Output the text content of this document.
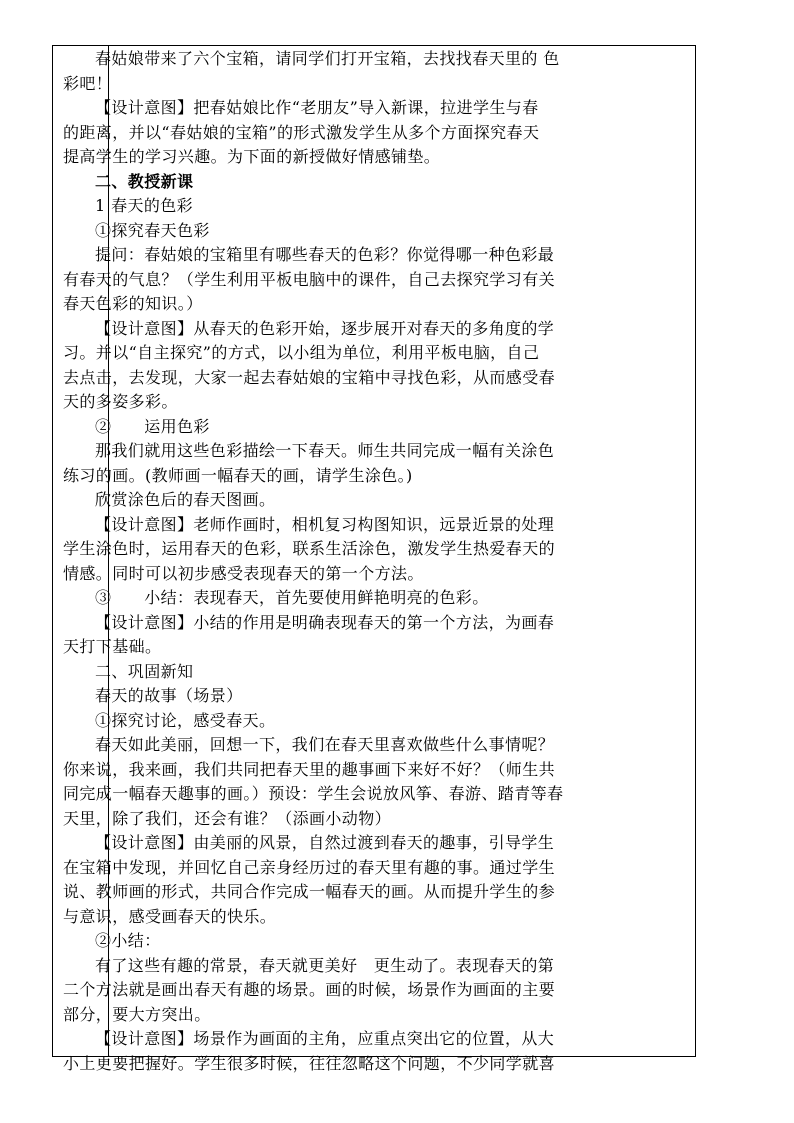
春姑娘带来了六个宝箱，请同学们打开宝箱，去找找春天里的 色
彩吧！
【设计意图】把春姑娘比作“老朋友”导入新课，拉进学生与春
的距离，并以“春姑娘的宝箱”的形式激发学生从多个方面探究春天
提高学生的学习兴趣。为下面的新授做好情感铺垫。
二、教授新课
1 春天的色彩
①探究春天色彩
提问：春姑娘的宝箱里有哪些春天的色彩？你觉得哪一种色彩最
有春天的气息？（学生利用平板电脑中的课件，自己去探究学习有关
春天色彩的知识。）
【设计意图】从春天的色彩开始，逐步展开对春天的多角度的学
习。并以“自主探究”的方式，以小组为单位，利用平板电脑，自己
去点击，去发现，大家一起去春姑娘的宝箱中寻找色彩，从而感受春
天的多姿多彩。
②　　运用色彩
那我们就用这些色彩描绘一下春天。师生共同完成一幅有关涂色
练习的画。(教师画一幅春天的画，请学生涂色。)
欣赏涂色后的春天图画。
【设计意图】老师作画时，相机复习构图知识，远景近景的处理
学生涂色时，运用春天的色彩，联系生活涂色，激发学生热爱春天的
情感。同时可以初步感受表现春天的第一个方法。
③　　小结：表现春天，首先要使用鲜艳明亮的色彩。
【设计意图】小结的作用是明确表现春天的第一个方法，为画春
天打下基础。
二、巩固新知
春天的故事（场景）
①探究讨论，感受春天。
春天如此美丽，回想一下，我们在春天里喜欢做些什么事情呢？
你来说，我来画，我们共同把春天里的趣事画下来好不好？（师生共
同完成一幅春天趣事的画。）预设：学生会说放风筝、春游、踏青等春
天里，除了我们，还会有谁？（添画小动物）
【设计意图】由美丽的风景，自然过渡到春天的趣事，引导学生
在宝箱中发现，并回忆自己亲身经历过的春天里有趣的事。通过学生
说、教师画的形式，共同合作完成一幅春天的画。从而提升学生的参
与意识，感受画春天的快乐。
②小结：
有了这些有趣的常景，春天就更美好　更生动了。表现春天的第
二个方法就是画出春天有趣的场景。画的时候，场景作为画面的主要
部分，要大方突出。
【设计意图】场景作为画面的主角，应重点突出它的位置，从大
小上更要把握好。学生很多时候，往往忽略这个问题，不少同学就喜
